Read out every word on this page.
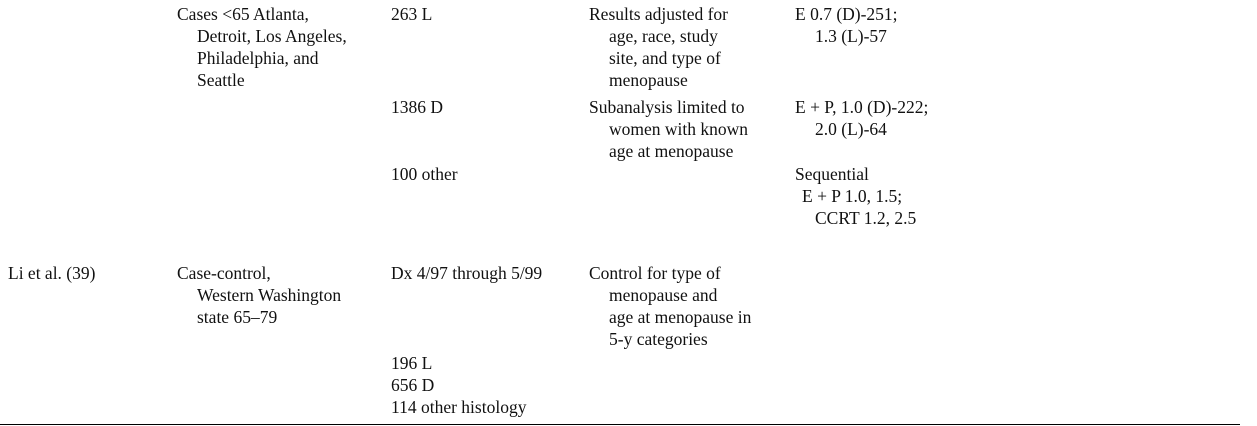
Cases <65 Atlanta,
Detroit, Los Angeles,
Philadelphia, and
Seattle
263 L
1386 D
100 other
Results adjusted for
age, race, study
site, and type of
menopause
Subanalysis limited to
women with known
age at menopause
E 0.7 (D)-251;
1.3 (L)-57
E + P, 1.0 (D)-222;
2.0 (L)-64
Sequential
E + P 1.0, 1.5;
CCRT 1.2, 2.5
Li et al. (39)	Case-control,
Western Washington
state 65–79
Dx 4/97 through 5/99
196 L
656 D
114 other histology
Control for type of
menopause and
age at menopause in
5-y categories
